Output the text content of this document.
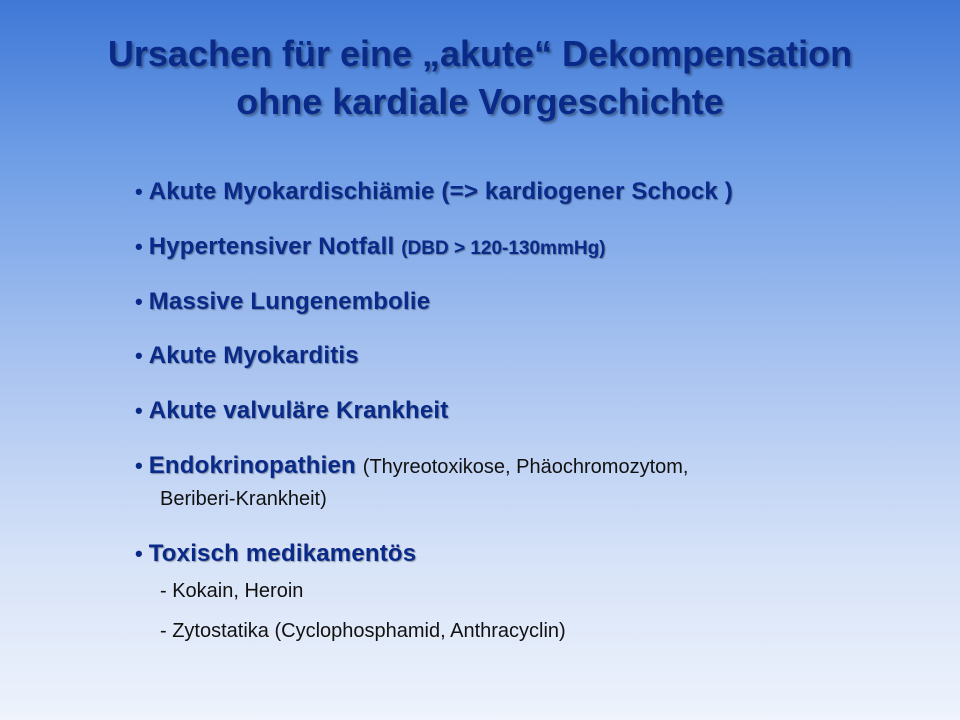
Ursachen für eine „akute“ Dekompensation
ohne kardiale Vorgeschichte
• Akute Myokardischiämie (=> kardiogener Schock )
• Hypertensiver Notfall (DBD > 120-130mmHg)
• Massive Lungenembolie
• Akute Myokarditis
• Akute valvuläre Krankheit
• Endokrinopathien (Thyreotoxikose, Phäochromozytom,
Beriberi-Krankheit)
• Toxisch medikamentös
- Kokain, Heroin
- Zytostatika (Cyclophosphamid, Anthracyclin)
